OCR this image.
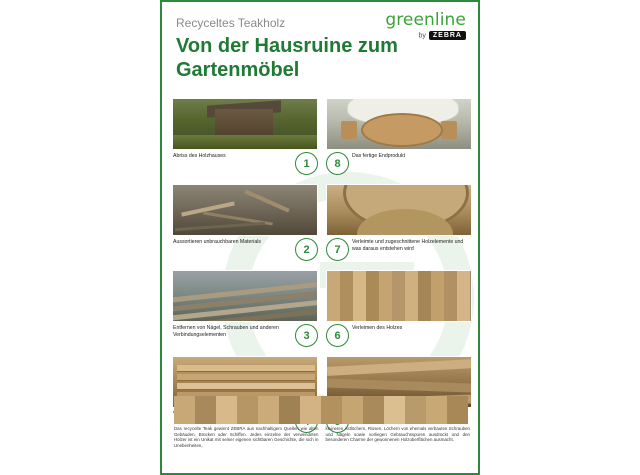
Recyceltes Teakholz	greenline
by ZEBRA
Von der Hausruine zum Gartenmöbel
Abriss des Holzhauses
1
Das fertige Endprodukt
8
Aussortieren unbrauchbaren Materials
2
Verleimte und zugeschnittene Holzelemente und was daraus entstehen wird
7
Entfernen von Nägel, Schrauben und anderen Verbindungselementen	3
Verleimen des Holzes
6

Das recycelte Teak gewinnt ZEBRA aus nachhaltigem Quellen wie alten Gebäuden, Brücken oder Schiffen. Jedes einzelne der verwendeten Hölzer ist ein Unikat mit seiner eigenen sichtbaren Geschichte, die sich in Unebenheiten,

kleineren Astlöchern, Rissen, Löchern von ehemals verbauten Schrauben und Nägeln sowie vorliegen Gebrauchsspuren ausdrückt und den besonderen Charme der gewonnenen Holzoberflächen ausmacht.
